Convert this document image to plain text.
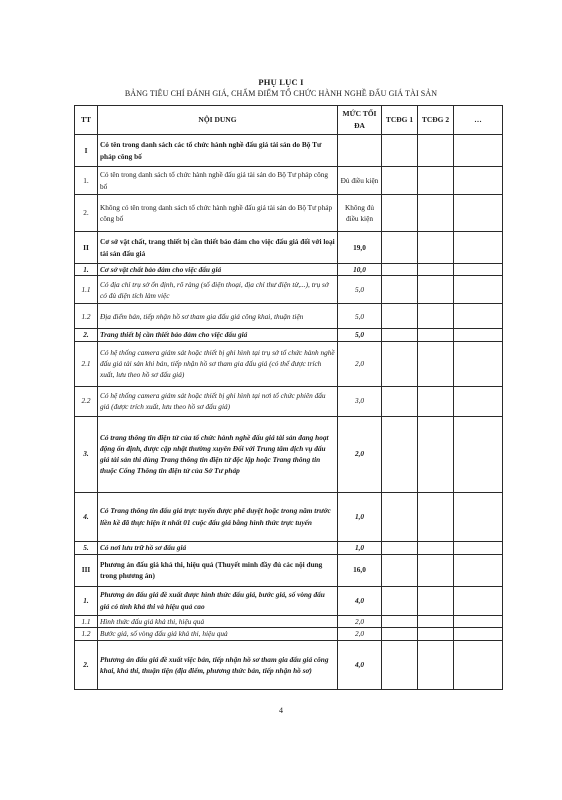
PHỤ LỤC I
BẢNG TIÊU CHÍ ĐÁNH GIÁ, CHẤM ĐIỂM TỔ CHỨC HÀNH NGHỀ ĐẤU GIÁ TÀI SẢN
TT	NỘI DUNG	MỨC TỐI ĐA	TCĐG 1	TCĐG 2	…
I	Có tên trong danh sách các tổ chức hành nghề đấu giá tài sản do Bộ Tư pháp công bố				
1.	Có tên trong danh sách tổ chức hành nghề đấu giá tài sản do Bộ Tư pháp công bố	Đủ điều kiện			
2.	Không có tên trong danh sách tổ chức hành nghề đấu giá tài sản do Bộ Tư pháp công bố	Không đủ điều kiện			
II	Cơ sở vật chất, trang thiết bị cần thiết bảo đảm cho việc đấu giá đối với loại tài sản đấu giá	19,0			
1.	Cơ sở vật chất bảo đảm cho việc đấu giá	10,0			
1.1	Có địa chỉ trụ sở ổn định, rõ ràng (số điện thoại, địa chỉ thư điện tử,...), trụ sở có đủ diện tích làm việc	5,0			
1.2	Địa điểm bán, tiếp nhận hồ sơ tham gia đấu giá công khai, thuận tiện	5,0			
2.	Trang thiết bị cần thiết bảo đảm cho việc đấu giá	5,0			
2.1	Có hệ thống camera giám sát hoặc thiết bị ghi hình tại trụ sở tổ chức hành nghề đấu giá tài sản khi bán, tiếp nhận hồ sơ tham gia đấu giá (có thể được trích xuất, lưu theo hồ sơ đấu giá)	2,0			
2.2	Có hệ thống camera giám sát hoặc thiết bị ghi hình tại nơi tổ chức phiên đấu giá (được trích xuất, lưu theo hồ sơ đấu giá)	3,0			
3.	Có trang thông tin điện tử của tổ chức hành nghề đấu giá tài sản đang hoạt động ổn định, được cập nhật thường xuyên Đối với Trung tâm dịch vụ đấu giá tài sản thì dùng Trang thông tin điện tử độc lập hoặc Trang thông tin thuộc Cổng Thông tin điện tử của Sở Tư pháp	2,0			
4.	Có Trang thông tin đấu giá trực tuyến được phê duyệt hoặc trong năm trước liền kề đã thực hiện ít nhất 01 cuộc đấu giá bằng hình thức trực tuyến	1,0			
5.	Có nơi lưu trữ hồ sơ đấu giá	1,0			
III	Phương án đấu giá khả thi, hiệu quả (Thuyết minh đầy đủ các nội dung trong phương án)	16,0			
1.	Phương án đấu giá đề xuất được hình thức đấu giá, bước giá, số vòng đấu giá có tính khả thi và hiệu quả cao	4,0			
1.1	Hình thức đấu giá khả thi, hiệu quả	2,0			
1.2	Bước giá, số vòng đấu giá khả thi, hiệu quả	2,0			
2.	Phương án đấu giá đề xuất việc bán, tiếp nhận hồ sơ tham gia đấu giá công khai, khả thi, thuận tiện (địa điểm, phương thức bán, tiếp nhận hồ sơ)	4,0			
4
